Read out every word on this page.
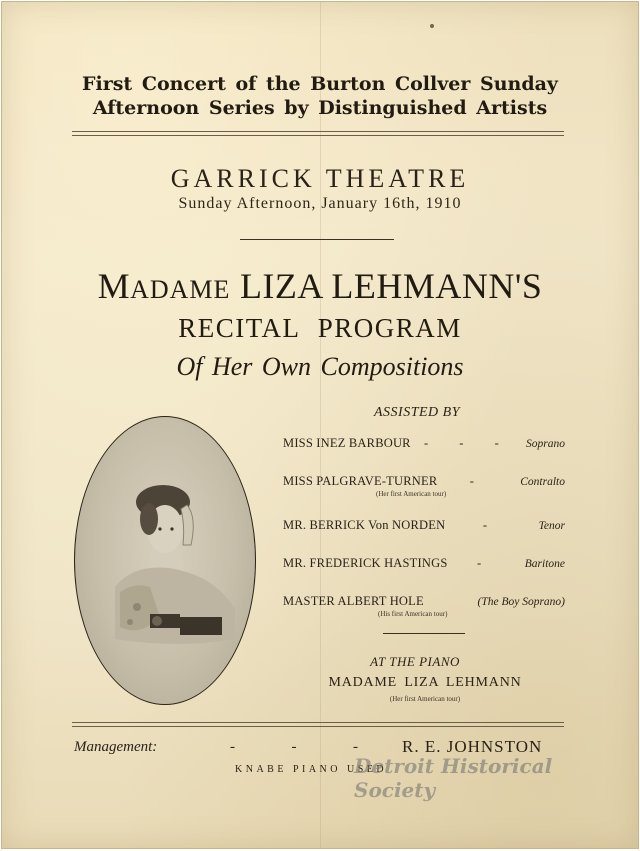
First Concert of the Burton Collver Sunday
Afternoon Series by Distinguished Artists
GARRICK THEATRE
Sunday Afternoon, January 16th, 1910
MADAME LIZA LEHMANN'S
RECITAL PROGRAM
Of Her Own Compositions
ASSISTED BY
MISS INEZ BARBOUR	- - -	Soprano
MISS PALGRAVE-TURNER	-	Contralto
(Her first American tour)
MR. BERRICK Von NORDEN	-	Tenor
MR. FREDERICK HASTINGS	-	Baritone
MASTER ALBERT HOLE	(The Boy Soprano)
(His first American tour)
AT THE PIANO
MADAME LIZA LEHMANN
(Her first American tour)
Management:	-	-	-	R. E. JOHNSTON
KNABE PIANO USED
Detroit Historical Society
